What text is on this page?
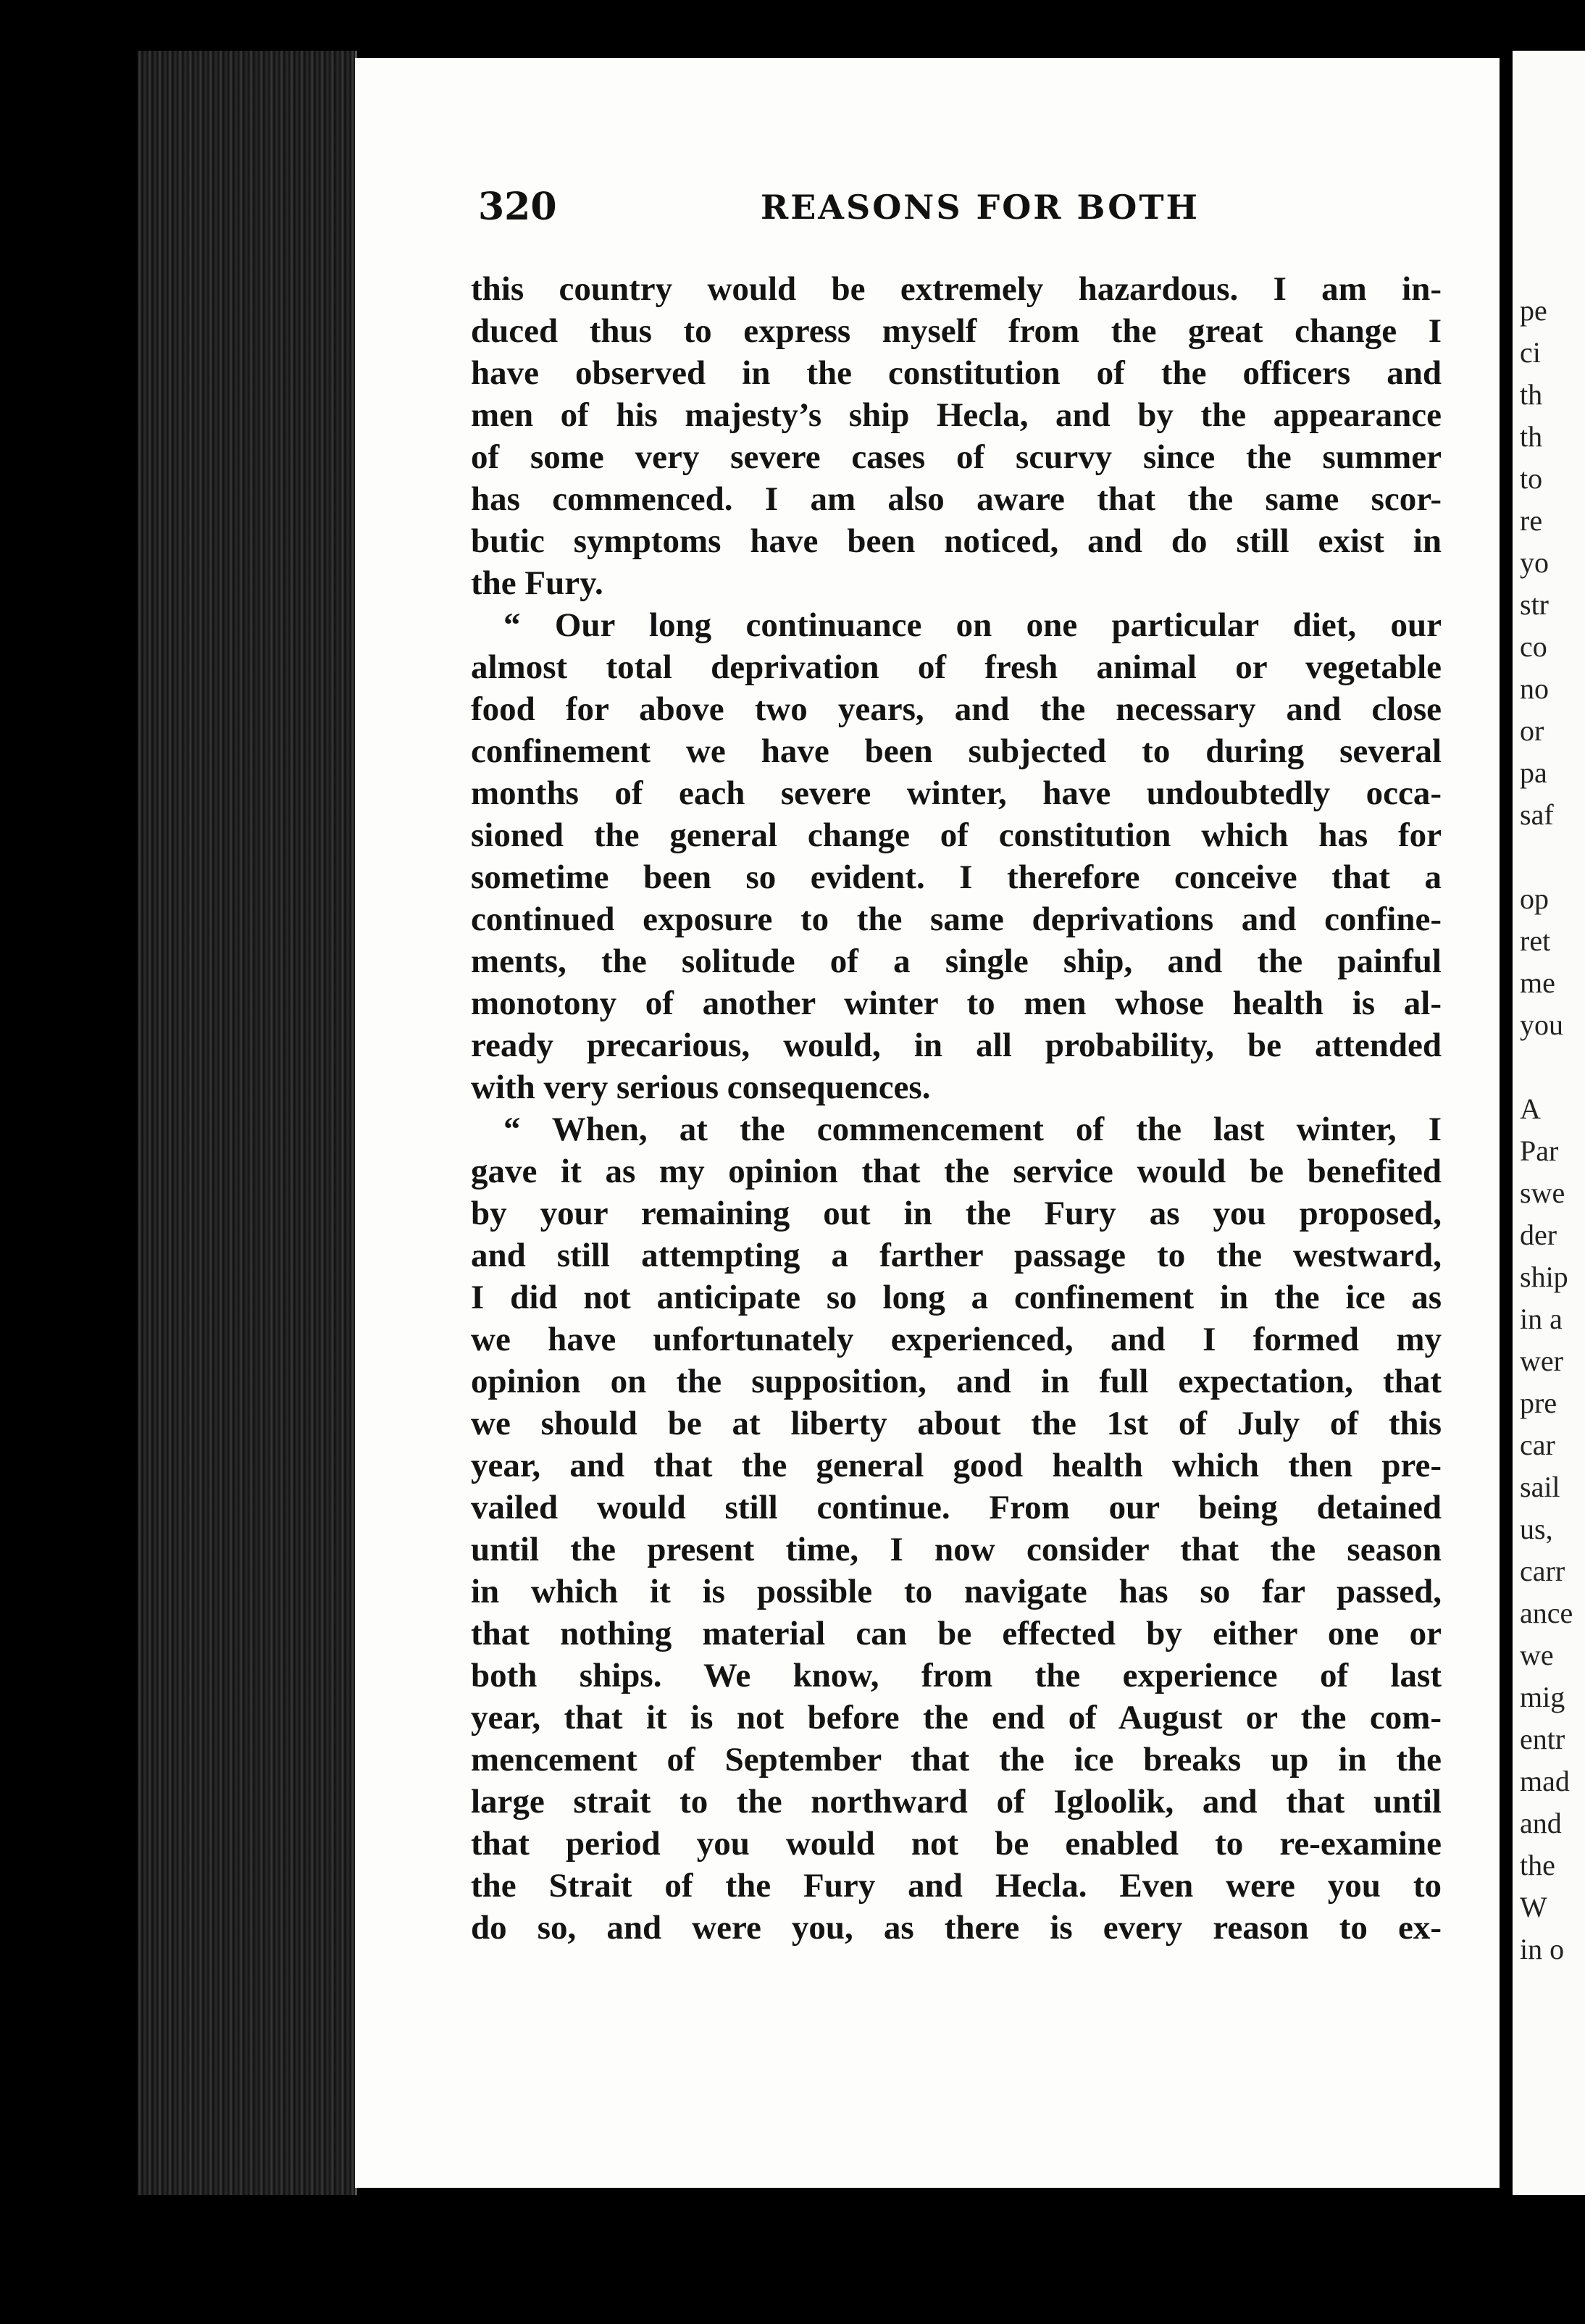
320	REASONS FOR BOTH
this country would be extremely hazardous. I am in-
duced thus to express myself from the great change I
have observed in the constitution of the officers and
men of his majesty’s ship Hecla, and by the appearance
of some very severe cases of scurvy since the summer
has commenced. I am also aware that the same scor-
butic symptoms have been noticed, and do still exist in
the Fury.
“ Our long continuance on one particular diet, our
almost total deprivation of fresh animal or vegetable
food for above two years, and the necessary and close
confinement we have been subjected to during several
months of each severe winter, have undoubtedly occa-
sioned the general change of constitution which has for
sometime been so evident. I therefore conceive that a
continued exposure to the same deprivations and confine-
ments, the solitude of a single ship, and the painful
monotony of another winter to men whose health is al-
ready precarious, would, in all probability, be attended
with very serious consequences.
“ When, at the commencement of the last winter, I
gave it as my opinion that the service would be benefited
by your remaining out in the Fury as you proposed,
and still attempting a farther passage to the westward,
I did not anticipate so long a confinement in the ice as
we have unfortunately experienced, and I formed my
opinion on the supposition, and in full expectation, that
we should be at liberty about the 1st of July of this
year, and that the general good health which then pre-
vailed would still continue. From our being detained
until the present time, I now consider that the season
in which it is possible to navigate has so far passed,
that nothing material can be effected by either one or
both ships. We know, from the experience of last
year, that it is not before the end of August or the com-
mencement of September that the ice breaks up in the
large strait to the northward of Igloolik, and that until
that period you would not be enabled to re-examine
the Strait of the Fury and Hecla. Even were you to
do so, and were you, as there is every reason to ex-
pe
ci
th
th
to
re
yo
str
co
no
or
pa
saf
op
ret
me
you
A
Par
swe
der
ship
in a
wer
pre
car
sail
us,
carr
ance
we
mig
entr
mad
and
the
W
in o
